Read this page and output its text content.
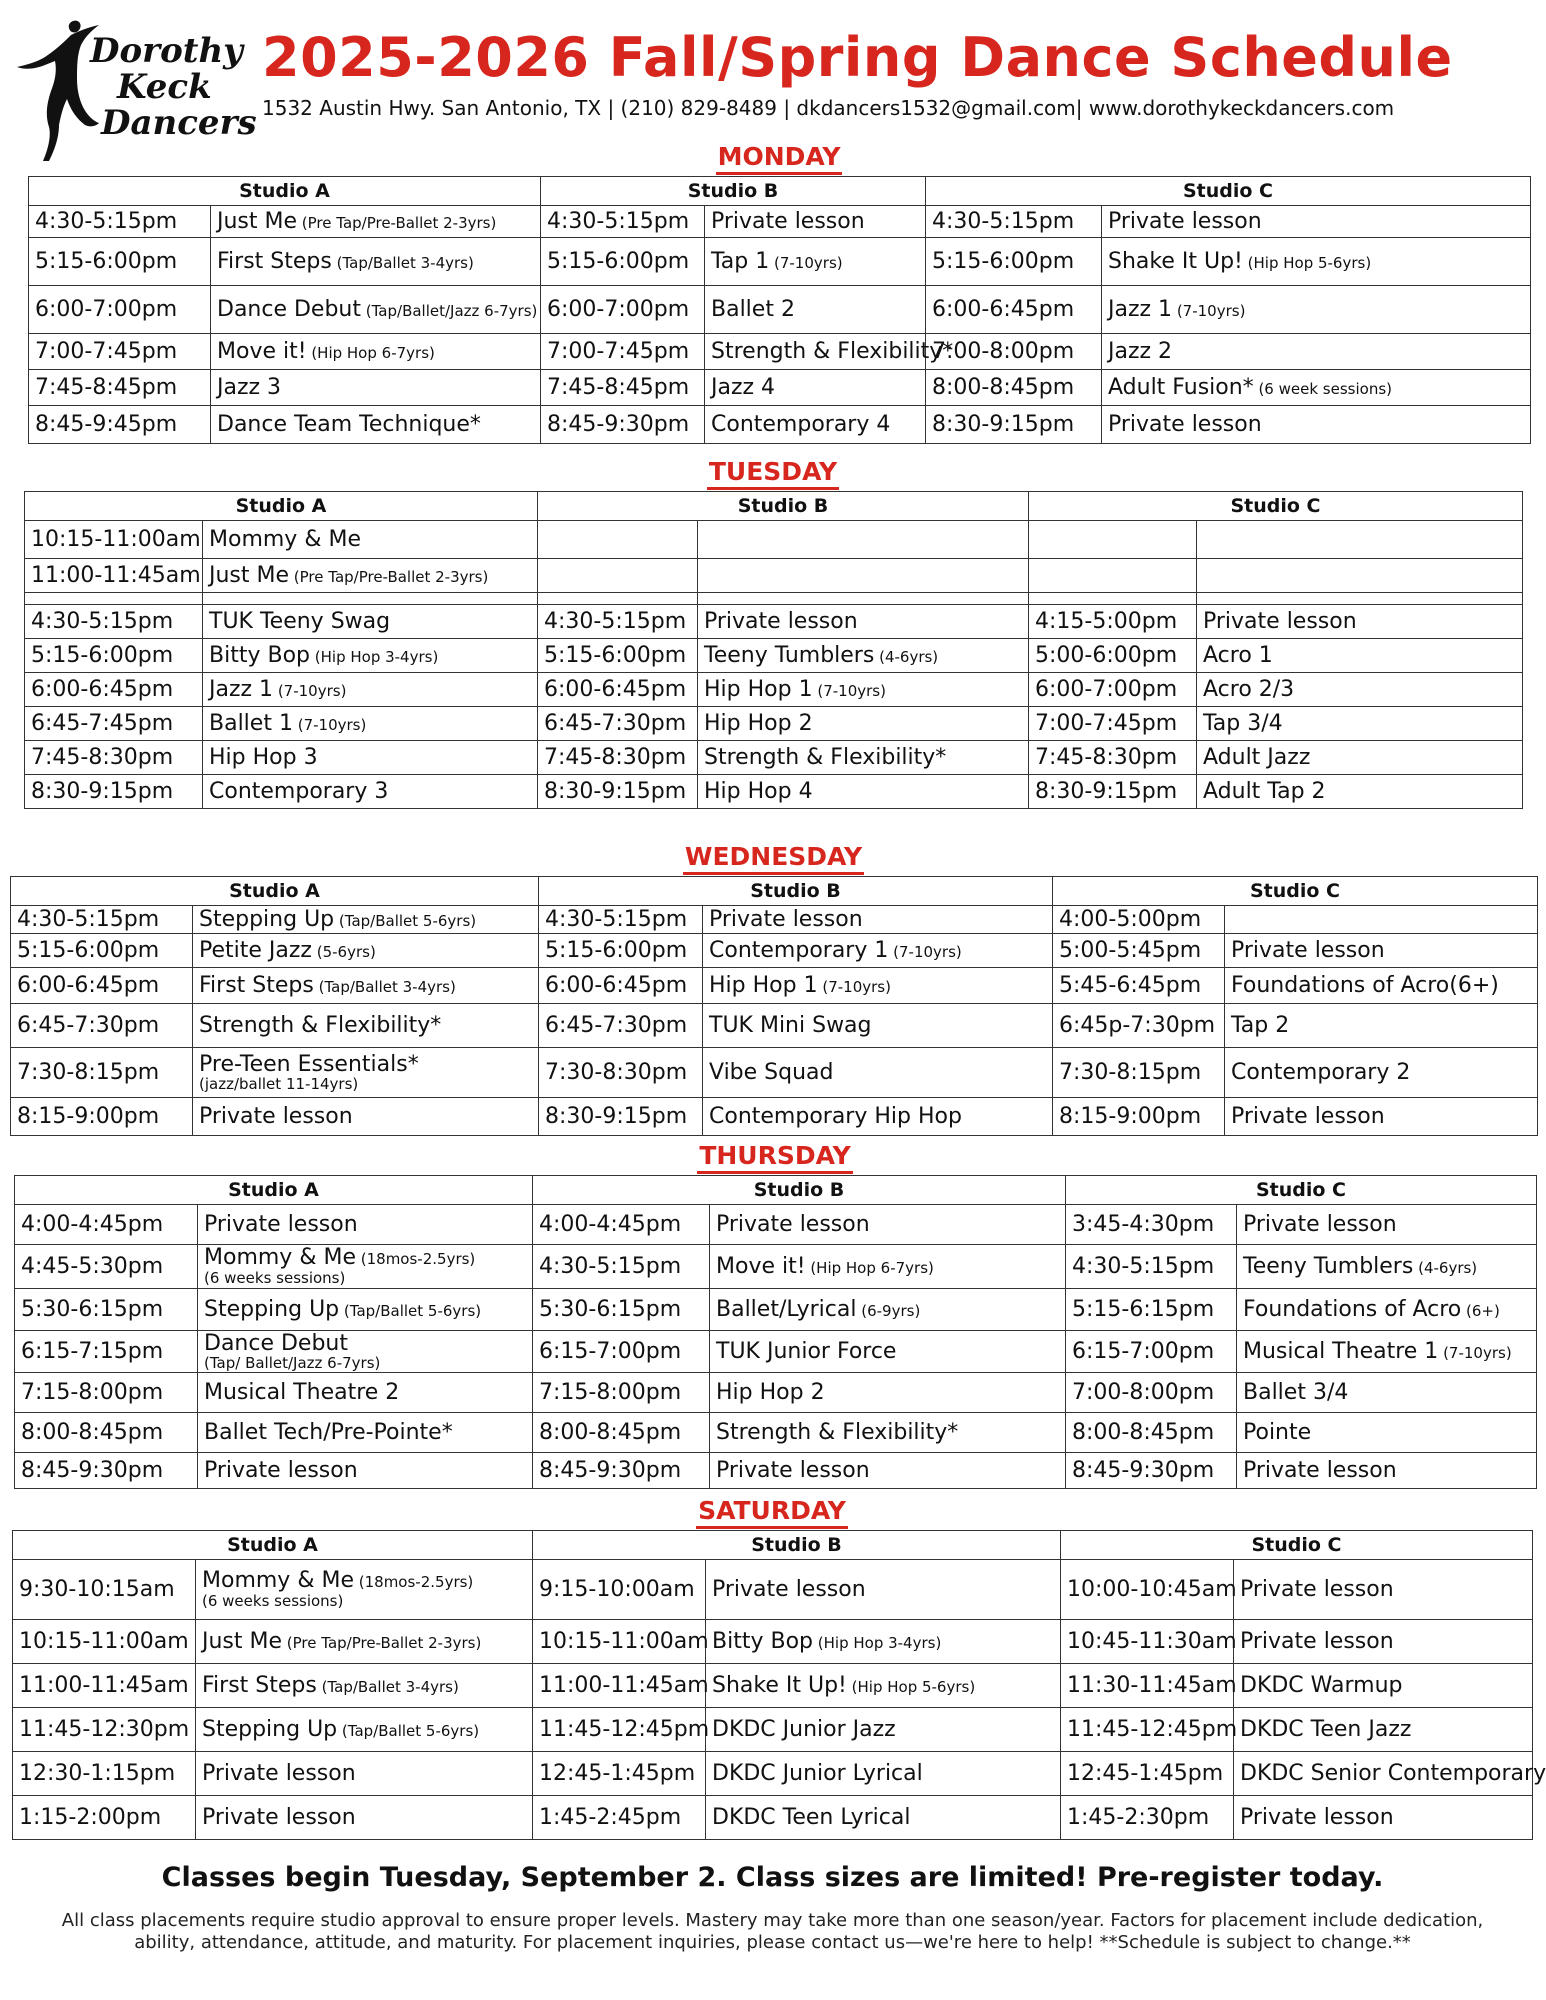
Dorothy
Keck
Dancers
2025-2026 Fall/Spring Dance Schedule
1532 Austin Hwy. San Antonio, TX | (210) 829-8489 | dkdancers1532@gmail.com| www.dorothykeckdancers.com
MONDAY
Studio A		Studio B		Studio C	
4:30-5:15pm	Just Me (Pre Tap/Pre-Ballet 2-3yrs)	4:30-5:15pm	Private lesson	4:30-5:15pm	Private lesson
5:15-6:00pm	First Steps (Tap/Ballet 3-4yrs)	5:15-6:00pm	Tap 1 (7-10yrs)	5:15-6:00pm	Shake It Up! (Hip Hop 5-6yrs)
6:00-7:00pm	Dance Debut (Tap/Ballet/Jazz 6-7yrs)	6:00-7:00pm	Ballet 2	6:00-6:45pm	Jazz 1 (7-10yrs)
7:00-7:45pm	Move it! (Hip Hop 6-7yrs)	7:00-7:45pm	Strength & Flexibility*	7:00-8:00pm	Jazz 2
7:45-8:45pm	Jazz 3	7:45-8:45pm	Jazz 4	8:00-8:45pm	Adult Fusion* (6 week sessions)
8:45-9:45pm	Dance Team Technique*	8:45-9:30pm	Contemporary 4	8:30-9:15pm	Private lesson
TUESDAY
Studio A		Studio B		Studio C	
10:15-11:00am	Mommy & Me				
11:00-11:45am	Just Me (Pre Tap/Pre-Ballet 2-3yrs)				

4:30-5:15pm	TUK Teeny Swag	4:30-5:15pm	Private lesson	4:15-5:00pm	Private lesson
5:15-6:00pm	Bitty Bop (Hip Hop 3-4yrs)	5:15-6:00pm	Teeny Tumblers (4-6yrs)	5:00-6:00pm	Acro 1
6:00-6:45pm	Jazz 1 (7-10yrs)	6:00-6:45pm	Hip Hop 1 (7-10yrs)	6:00-7:00pm	Acro 2/3
6:45-7:45pm	Ballet 1 (7-10yrs)	6:45-7:30pm	Hip Hop 2	7:00-7:45pm	Tap 3/4
7:45-8:30pm	Hip Hop 3	7:45-8:30pm	Strength & Flexibility*	7:45-8:30pm	Adult Jazz
8:30-9:15pm	Contemporary 3	8:30-9:15pm	Hip Hop 4	8:30-9:15pm	Adult Tap 2
WEDNESDAY
Studio A		Studio B		Studio C	
4:30-5:15pm	Stepping Up (Tap/Ballet 5-6yrs)	4:30-5:15pm	Private lesson	4:00-5:00pm	
5:15-6:00pm	Petite Jazz (5-6yrs)	5:15-6:00pm	Contemporary 1 (7-10yrs)	5:00-5:45pm	Private lesson
6:00-6:45pm	First Steps (Tap/Ballet 3-4yrs)	6:00-6:45pm	Hip Hop 1 (7-10yrs)	5:45-6:45pm	Foundations of Acro(6+)
6:45-7:30pm	Strength & Flexibility*	6:45-7:30pm	TUK Mini Swag	6:45p-7:30pm	Tap 2
7:30-8:15pm	Pre-Teen Essentials*
(jazz/ballet 11-14yrs)	7:30-8:30pm	Vibe Squad	7:30-8:15pm	Contemporary 2
8:15-9:00pm	Private lesson	8:30-9:15pm	Contemporary Hip Hop	8:15-9:00pm	Private lesson
THURSDAY
Studio A		Studio B		Studio C	
4:00-4:45pm	Private lesson	4:00-4:45pm	Private lesson	3:45-4:30pm	Private lesson
4:45-5:30pm	Mommy & Me (18mos-2.5yrs)
(6 weeks sessions)	4:30-5:15pm	Move it! (Hip Hop 6-7yrs)	4:30-5:15pm	Teeny Tumblers (4-6yrs)
5:30-6:15pm	Stepping Up (Tap/Ballet 5-6yrs)	5:30-6:15pm	Ballet/Lyrical (6-9yrs)	5:15-6:15pm	Foundations of Acro (6+)
6:15-7:15pm	Dance Debut
(Tap/ Ballet/Jazz 6-7yrs)	6:15-7:00pm	TUK Junior Force	6:15-7:00pm	Musical Theatre 1 (7-10yrs)
7:15-8:00pm	Musical Theatre 2	7:15-8:00pm	Hip Hop 2	7:00-8:00pm	Ballet 3/4
8:00-8:45pm	Ballet Tech/Pre-Pointe*	8:00-8:45pm	Strength & Flexibility*	8:00-8:45pm	Pointe
8:45-9:30pm	Private lesson	8:45-9:30pm	Private lesson	8:45-9:30pm	Private lesson
SATURDAY
Studio A		Studio B		Studio C	
9:30-10:15am	Mommy & Me (18mos-2.5yrs)
(6 weeks sessions)	9:15-10:00am	Private lesson	10:00-10:45am	Private lesson
10:15-11:00am	Just Me (Pre Tap/Pre-Ballet 2-3yrs)	10:15-11:00am	Bitty Bop (Hip Hop 3-4yrs)	10:45-11:30am	Private lesson
11:00-11:45am	First Steps (Tap/Ballet 3-4yrs)	11:00-11:45am	Shake It Up! (Hip Hop 5-6yrs)	11:30-11:45am	DKDC Warmup
11:45-12:30pm	Stepping Up (Tap/Ballet 5-6yrs)	11:45-12:45pm	DKDC Junior Jazz	11:45-12:45pm	DKDC Teen Jazz
12:30-1:15pm	Private lesson	12:45-1:45pm	DKDC Junior Lyrical	12:45-1:45pm	DKDC Senior Contemporary
1:15-2:00pm	Private lesson	1:45-2:45pm	DKDC Teen Lyrical	1:45-2:30pm	Private lesson
Classes begin Tuesday, September 2. Class sizes are limited! Pre-register today.
All class placements require studio approval to ensure proper levels. Mastery may take more than one season/year. Factors for placement include dedication, ability, attendance, attitude, and maturity. For placement inquiries, please contact us—we're here to help! **Schedule is subject to change.**
